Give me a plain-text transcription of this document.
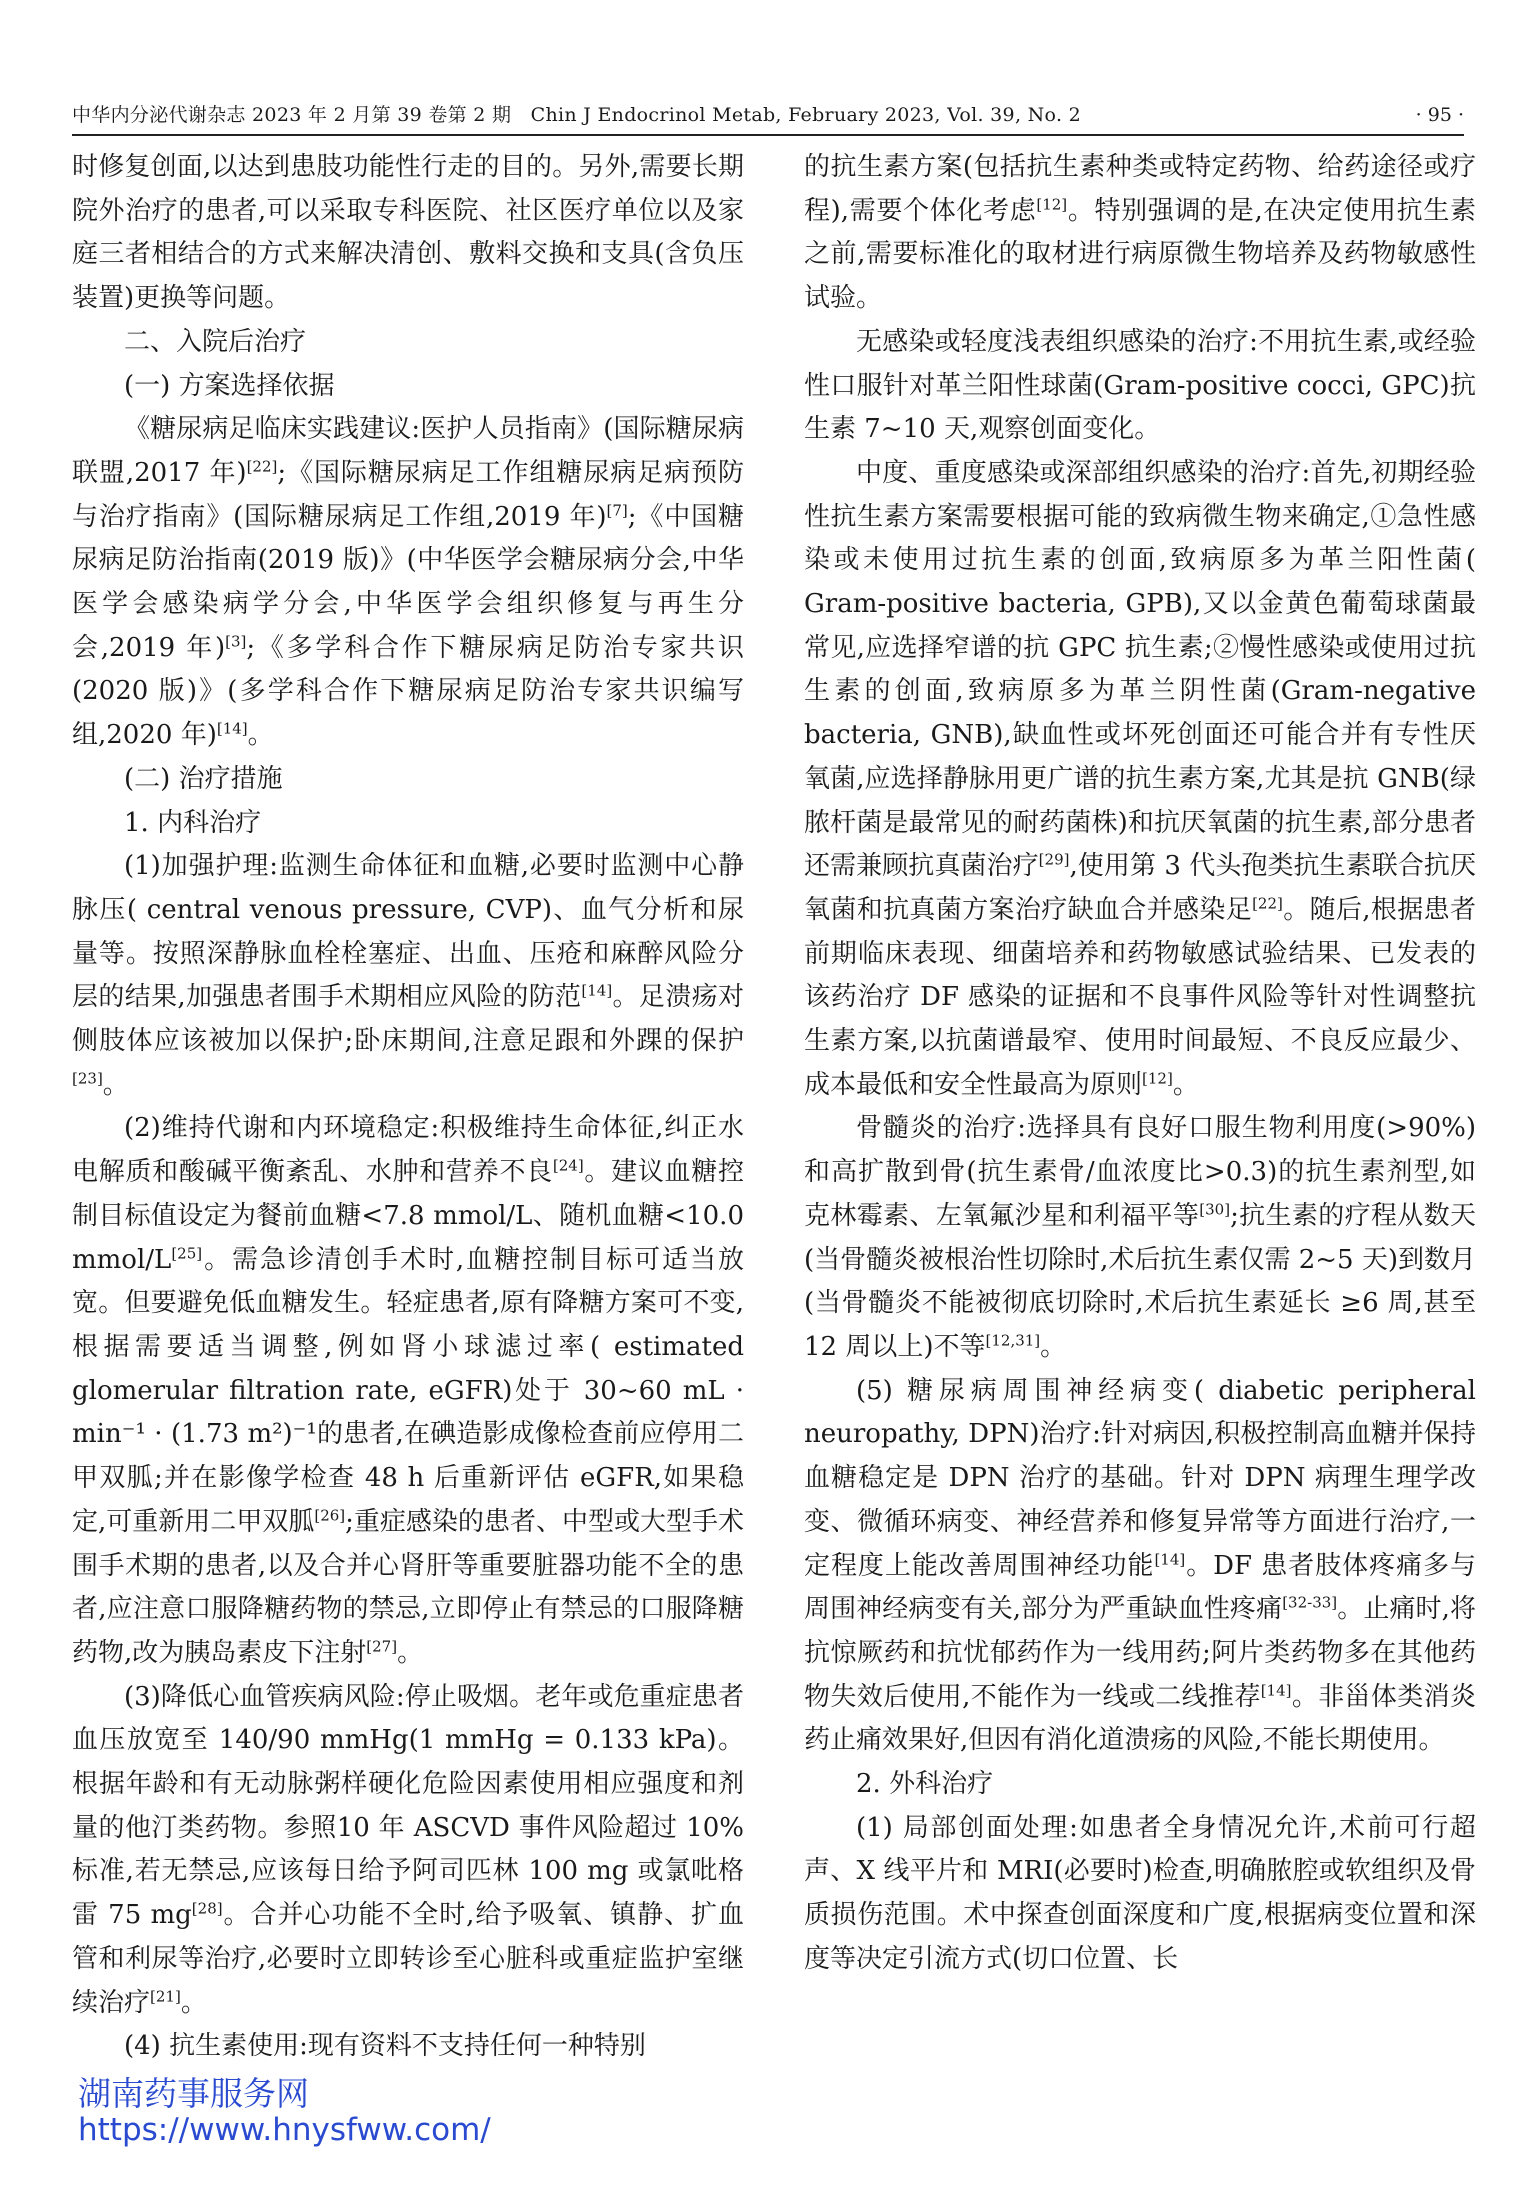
中华内分泌代谢杂志 2023 年 2 月第 39 卷第 2 期　Chin J Endocrinol Metab, February 2023, Vol. 39, No. 2	· 95 ·

时修复创面,以达到患肢功能性行走的目的。另外,需要长期院外治疗的患者,可以采取专科医院、社区医疗单位以及家庭三者相结合的方式来解决清创、敷料交换和支具(含负压装置)更换等问题。

二、入院后治疗

(一) 方案选择依据

《糖尿病足临床实践建议:医护人员指南》(国际糖尿病联盟,2017 年)[22];《国际糖尿病足工作组糖尿病足病预防与治疗指南》(国际糖尿病足工作组,2019 年)[7];《中国糖尿病足防治指南(2019 版)》(中华医学会糖尿病分会,中华医学会感染病学分会,中华医学会组织修复与再生分会,2019 年)[3];《多学科合作下糖尿病足防治专家共识(2020 版)》(多学科合作下糖尿病足防治专家共识编写组,2020 年)[14]。

(二) 治疗措施

1. 内科治疗

(1)加强护理:监测生命体征和血糖,必要时监测中心静脉压( central venous pressure, CVP)、血气分析和尿量等。按照深静脉血栓栓塞症、出血、压疮和麻醉风险分层的结果,加强患者围手术期相应风险的防范[14]。足溃疡对侧肢体应该被加以保护;卧床期间,注意足跟和外踝的保护[23]。

(2)维持代谢和内环境稳定:积极维持生命体征,纠正水电解质和酸碱平衡紊乱、水肿和营养不良[24]。建议血糖控制目标值设定为餐前血糖<7.8 mmol/L、随机血糖<10.0 mmol/L[25]。需急诊清创手术时,血糖控制目标可适当放宽。但要避免低血糖发生。轻症患者,原有降糖方案可不变,根据需要适当调整,例如肾小球滤过率( estimated glomerular filtration rate, eGFR)处于 30~60 mL · min⁻¹ · (1.73 m²)⁻¹的患者,在碘造影成像检查前应停用二甲双胍;并在影像学检查 48 h 后重新评估 eGFR,如果稳定,可重新用二甲双胍[26];重症感染的患者、中型或大型手术围手术期的患者,以及合并心肾肝等重要脏器功能不全的患者,应注意口服降糖药物的禁忌,立即停止有禁忌的口服降糖药物,改为胰岛素皮下注射[27]。

(3)降低心血管疾病风险:停止吸烟。老年或危重症患者血压放宽至 140/90 mmHg(1 mmHg = 0.133 kPa)。根据年龄和有无动脉粥样硬化危险因素使用相应强度和剂量的他汀类药物。参照10 年 ASCVD 事件风险超过 10%标准,若无禁忌,应该每日给予阿司匹林 100 mg 或氯吡格雷 75 mg[28]。合并心功能不全时,给予吸氧、镇静、扩血管和利尿等治疗,必要时立即转诊至心脏科或重症监护室继续治疗[21]。

(4) 抗生素使用:现有资料不支持任何一种特别

的抗生素方案(包括抗生素种类或特定药物、给药途径或疗程),需要个体化考虑[12]。特别强调的是,在决定使用抗生素之前,需要标准化的取材进行病原微生物培养及药物敏感性试验。

无感染或轻度浅表组织感染的治疗:不用抗生素,或经验性口服针对革兰阳性球菌(Gram-positive cocci, GPC)抗生素 7~10 天,观察创面变化。

中度、重度感染或深部组织感染的治疗:首先,初期经验性抗生素方案需要根据可能的致病微生物来确定,①急性感染或未使用过抗生素的创面,致病原多为革兰阳性菌( Gram-positive bacteria, GPB),又以金黄色葡萄球菌最常见,应选择窄谱的抗 GPC 抗生素;②慢性感染或使用过抗生素的创面,致病原多为革兰阴性菌(Gram-negative bacteria, GNB),缺血性或坏死创面还可能合并有专性厌氧菌,应选择静脉用更广谱的抗生素方案,尤其是抗 GNB(绿脓杆菌是最常见的耐药菌株)和抗厌氧菌的抗生素,部分患者还需兼顾抗真菌治疗[29],使用第 3 代头孢类抗生素联合抗厌氧菌和抗真菌方案治疗缺血合并感染足[22]。随后,根据患者前期临床表现、细菌培养和药物敏感试验结果、已发表的该药治疗 DF 感染的证据和不良事件风险等针对性调整抗生素方案,以抗菌谱最窄、使用时间最短、不良反应最少、成本最低和安全性最高为原则[12]。

骨髓炎的治疗:选择具有良好口服生物利用度(>90%)和高扩散到骨(抗生素骨/血浓度比>0.3)的抗生素剂型,如克林霉素、左氧氟沙星和利福平等[30];抗生素的疗程从数天(当骨髓炎被根治性切除时,术后抗生素仅需 2~5 天)到数月(当骨髓炎不能被彻底切除时,术后抗生素延长 ≥6 周,甚至 12 周以上)不等[12,31]。

(5) 糖尿病周围神经病变( diabetic peripheral neuropathy, DPN)治疗:针对病因,积极控制高血糖并保持血糖稳定是 DPN 治疗的基础。针对 DPN 病理生理学改变、微循环病变、神经营养和修复异常等方面进行治疗,一定程度上能改善周围神经功能[14]。DF 患者肢体疼痛多与周围神经病变有关,部分为严重缺血性疼痛[32-33]。止痛时,将抗惊厥药和抗忧郁药作为一线用药;阿片类药物多在其他药物失效后使用,不能作为一线或二线推荐[14]。非甾体类消炎药止痛效果好,但因有消化道溃疡的风险,不能长期使用。

2. 外科治疗

(1) 局部创面处理:如患者全身情况允许,术前可行超声、X 线平片和 MRI(必要时)检查,明确脓腔或软组织及骨质损伤范围。术中探查创面深度和广度,根据病变位置和深度等决定引流方式(切口位置、长

湖南药事服务网
https://www.hnysfww.com/
